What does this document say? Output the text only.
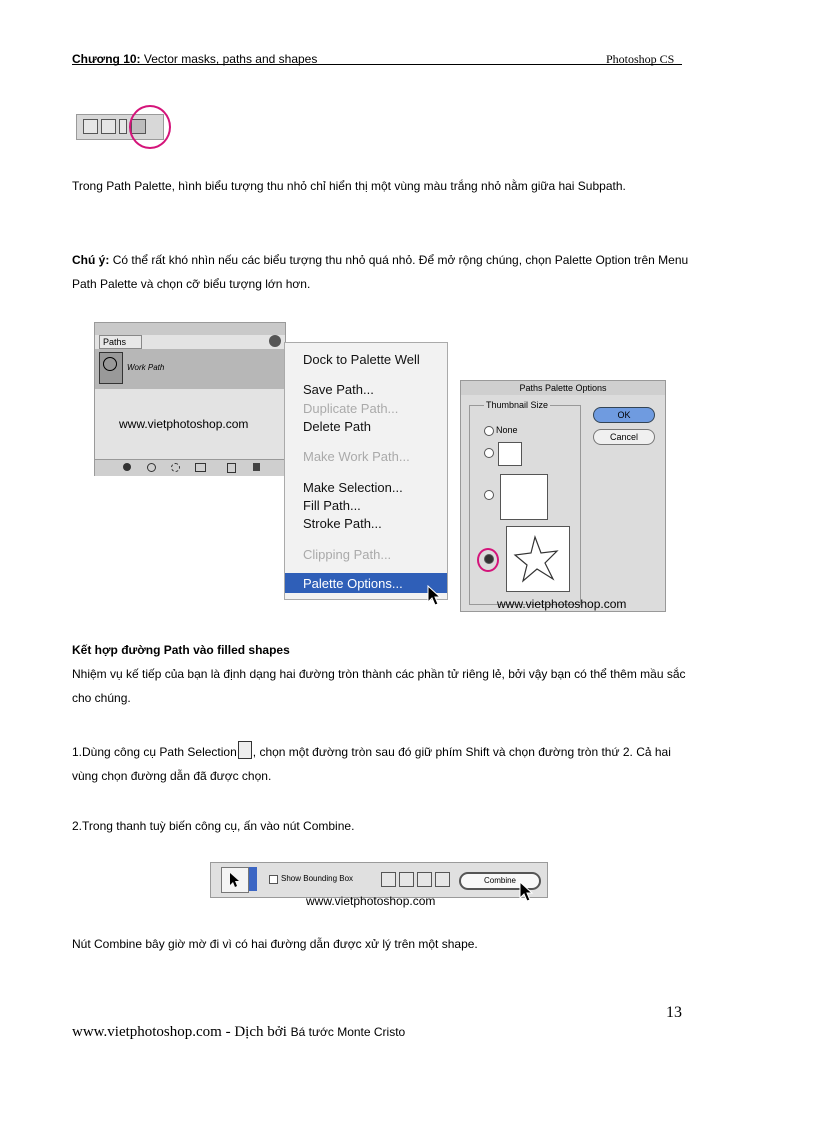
Chương 10: Vector masks, paths and shapes	Photoshop CS
Trong Path Palette, hình biểu tượng thu nhỏ chỉ hiển thị một vùng màu trắng nhỏ nằm giữa hai Subpath.
Chú ý: Có thể rất khó nhìn nếu các biểu tượng thu nhỏ quá nhỏ. Để mở rộng chúng, chọn Palette Option trên Menu Path Palette và chọn cỡ biểu tượng lớn hơn.
Paths
Work Path
www.vietphotoshop.com
Dock to Palette Well
Save Path...
Duplicate Path...
Delete Path
Make Work Path...
Make Selection...
Fill Path...
Stroke Path...
Clipping Path...
Palette Options...
Paths Palette Options
Thumbnail Size
None
OK
Cancel
www.vietphotoshop.com
Kết hợp đường Path vào filled shapes
Nhiệm vụ kế tiếp của bạn là định dạng hai đường tròn thành các phần tử riêng lẻ, bởi vậy bạn có thể thêm mầu sắc cho chúng.
1.Dùng công cụ Path Selection , chọn một đường tròn sau đó giữ phím Shift và chọn đường tròn thứ 2. Cả hai vùng chọn đường dẫn đã được chọn.
2.Trong thanh tuỳ biến công cụ, ấn vào nút Combine.
Show Bounding Box	Combine
www.vietphotoshop.com
Nút Combine bây giờ mờ đi vì có hai đường dẫn được xử lý trên một shape.
13
www.vietphotoshop.com - Dịch bởi Bá tước Monte Cristo
